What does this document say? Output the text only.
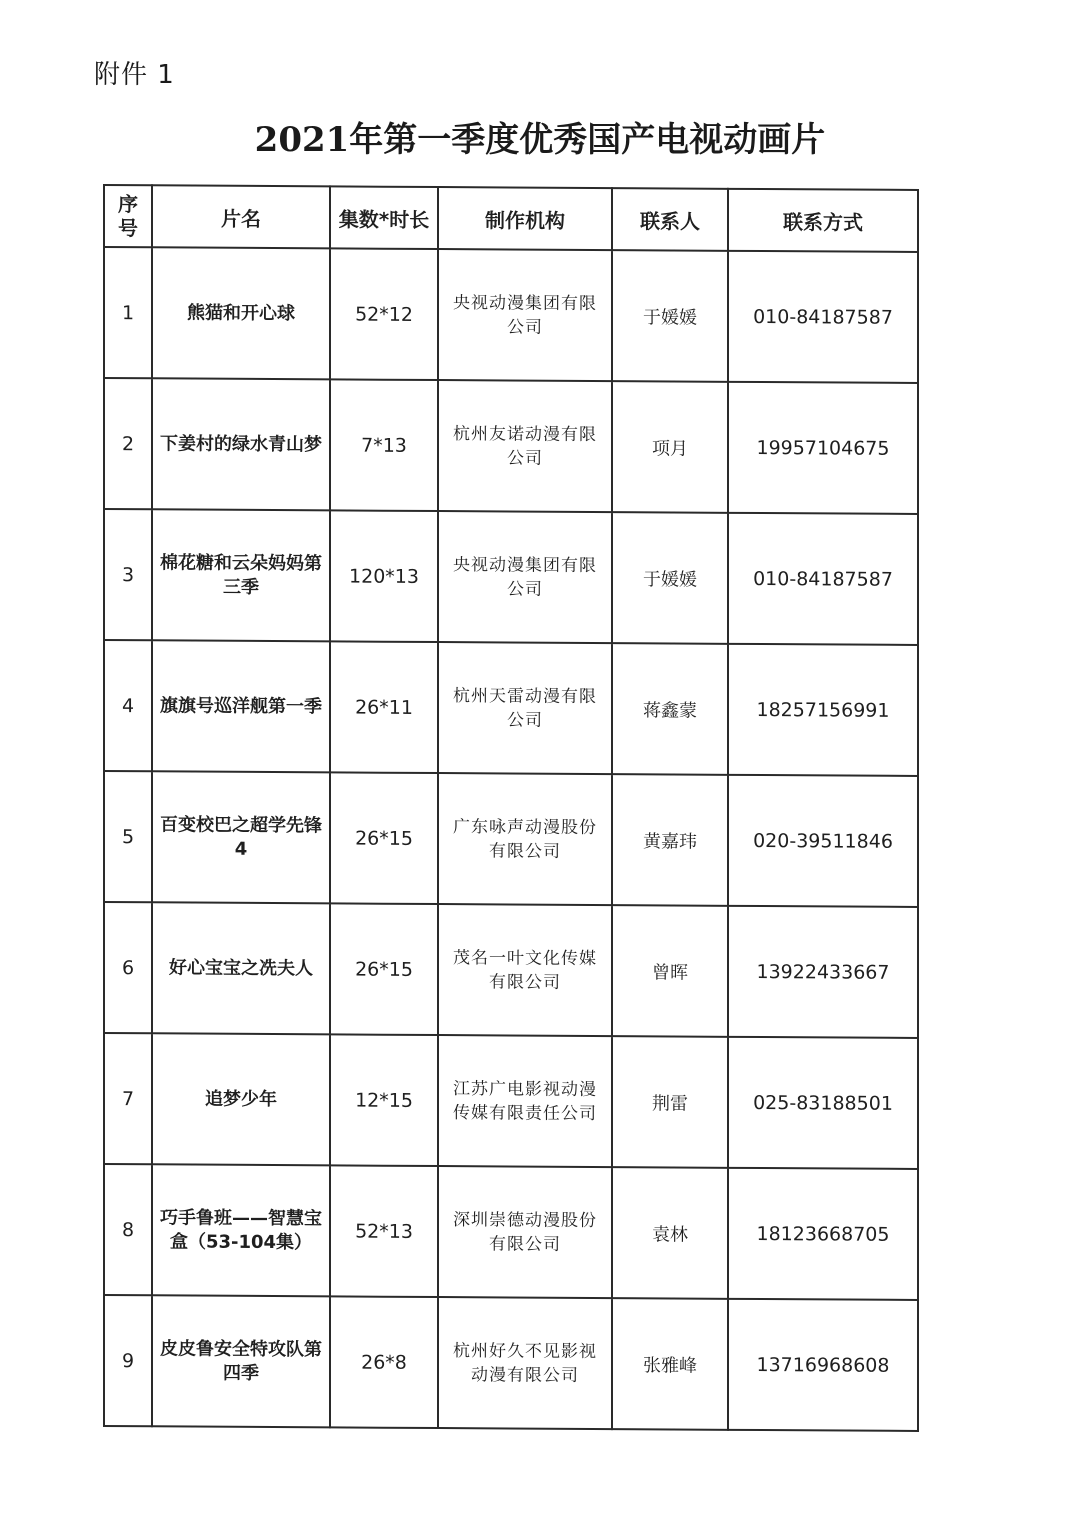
附件 1
2021年第一季度优秀国产电视动画片
序号	片名	集数*时长	制作机构	联系人	联系方式
1	熊猫和开心球	52*12	央视动漫集团有限公司	于媛媛	010-84187587
2	下姜村的绿水青山梦	7*13	杭州友诺动漫有限公司	项月	19957104675
3	棉花糖和云朵妈妈第三季	120*13	央视动漫集团有限公司	于媛媛	010-84187587
4	旗旗号巡洋舰第一季	26*11	杭州天雷动漫有限公司	蒋鑫蒙	18257156991
5	百变校巴之超学先锋4	26*15	广东咏声动漫股份有限公司	黄嘉玮	020-39511846
6	好心宝宝之冼夫人	26*15	茂名一叶文化传媒有限公司	曾晖	13922433667
7	追梦少年	12*15	江苏广电影视动漫传媒有限责任公司	荆雷	025-83188501
8	巧手鲁班——智慧宝盒（53-104集）	52*13	深圳崇德动漫股份有限公司	袁林	18123668705
9	皮皮鲁安全特攻队第四季	26*8	杭州好久不见影视动漫有限公司	张雅峰	13716968608
